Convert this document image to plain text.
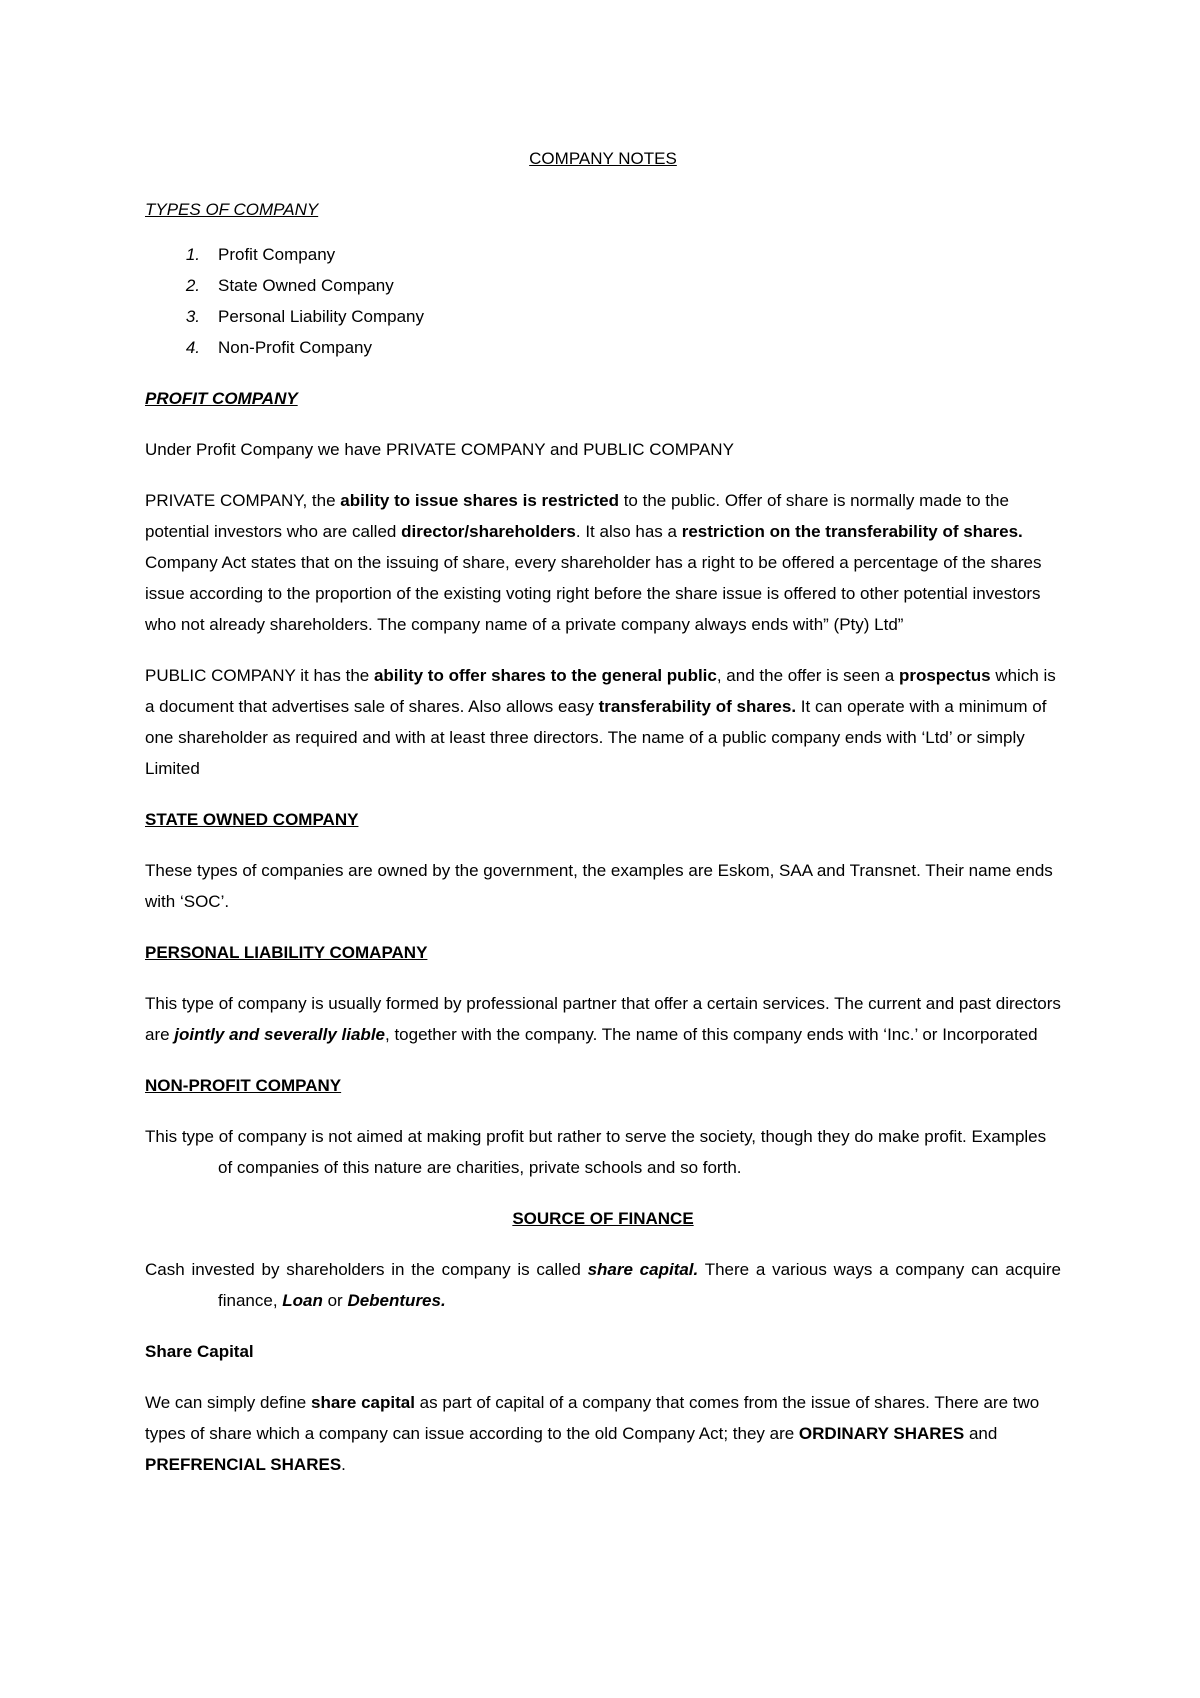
COMPANY NOTES
TYPES OF COMPANY
1.	Profit Company
2.	State Owned Company
3.	Personal Liability Company
4.	Non-Profit Company
PROFIT COMPANY

Under Profit Company we have PRIVATE COMPANY and PUBLIC COMPANY

PRIVATE COMPANY, the ability to issue shares is restricted to the public. Offer of share is normally made to the potential investors who are called director/shareholders. It also has a restriction on the transferability of shares. Company Act states that on the issuing of share, every shareholder has a right to be offered a percentage of the shares issue according to the proportion of the existing voting right before the share issue is offered to other potential investors who not already shareholders. The company name of a private company always ends with” (Pty) Ltd”

PUBLIC COMPANY it has the ability to offer shares to the general public, and the offer is seen a prospectus which is a document that advertises sale of shares. Also allows easy transferability of shares. It can operate with a minimum of one shareholder as required and with at least three directors. The name of a public company ends with ‘Ltd’ or simply Limited

STATE OWNED COMPANY

These types of companies are owned by the government, the examples are Eskom, SAA and Transnet. Their name ends with ‘SOC’.

PERSONAL LIABILITY COMAPANY

This type of company is usually formed by professional partner that offer a certain services. The current and past directors are jointly and severally liable, together with the company. The name of this company ends with ‘Inc.’ or Incorporated

NON-PROFIT COMPANY

This type of company is not aimed at making profit but rather to serve the society, though they do make profit. Examples of companies of this nature are charities, private schools and so forth.

SOURCE OF FINANCE

Cash invested by shareholders in the company is called share capital. There a various ways a company can acquire finance, Loan or Debentures.

Share Capital

We can simply define share capital as part of capital of a company that comes from the issue of shares. There are two types of share which a company can issue according to the old Company Act; they are ORDINARY SHARES and PREFRENCIAL SHARES.
